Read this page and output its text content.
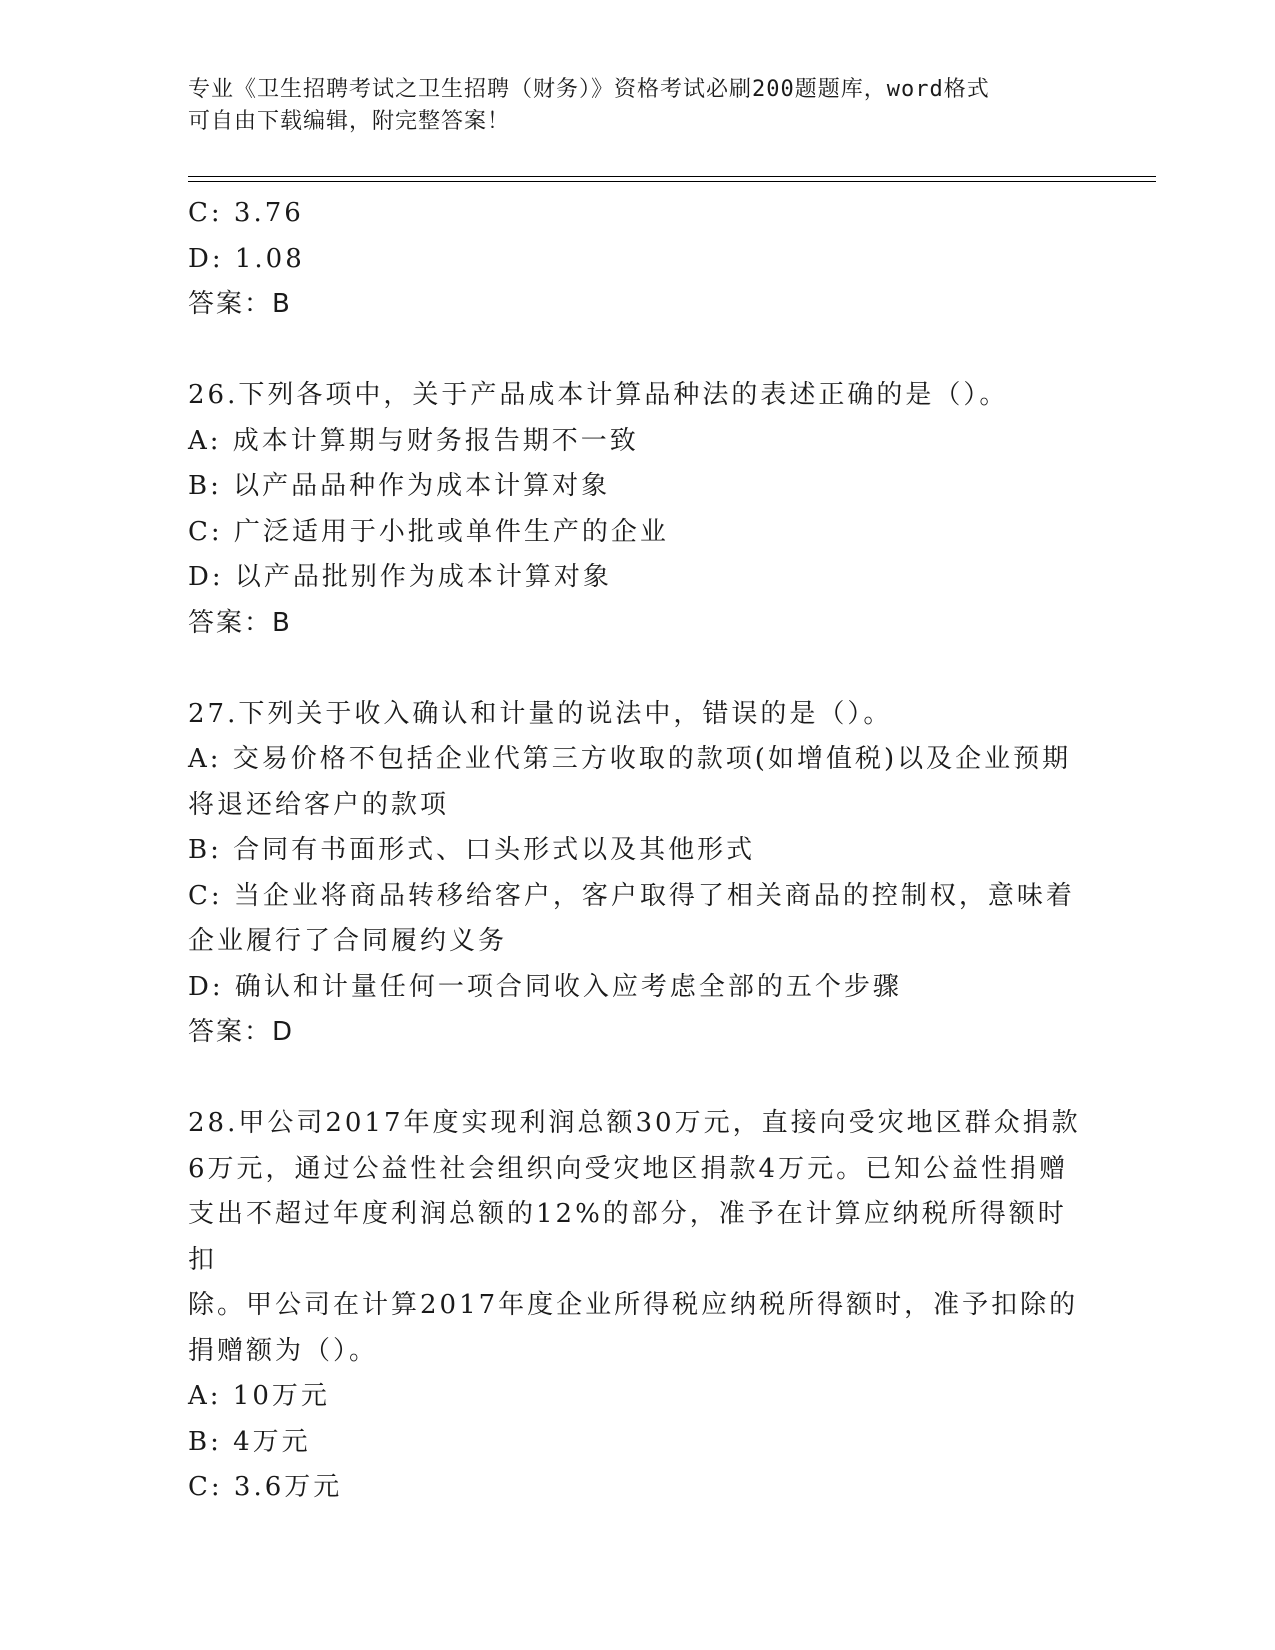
专业《卫生招聘考试之卫生招聘（财务）》资格考试必刷200题题库，word格式
可自由下载编辑，附完整答案！
C: 3.76
D: 1.08
答案：B
26.下列各项中，关于产品成本计算品种法的表述正确的是（）。
A: 成本计算期与财务报告期不一致
B: 以产品品种作为成本计算对象
C: 广泛适用于小批或单件生产的企业
D: 以产品批别作为成本计算对象
答案：B
27.下列关于收入确认和计量的说法中，错误的是（）。
A: 交易价格不包括企业代第三方收取的款项(如增值税)以及企业预期
将退还给客户的款项
B: 合同有书面形式、口头形式以及其他形式
C: 当企业将商品转移给客户，客户取得了相关商品的控制权，意味着
企业履行了合同履约义务
D: 确认和计量任何一项合同收入应考虑全部的五个步骤
答案：D
28.甲公司2017年度实现利润总额30万元，直接向受灾地区群众捐款
6万元，通过公益性社会组织向受灾地区捐款4万元。已知公益性捐赠
支出不超过年度利润总额的12%的部分，准予在计算应纳税所得额时扣
除。甲公司在计算2017年度企业所得税应纳税所得额时，准予扣除的
捐赠额为（）。
A: 10万元
B: 4万元
C: 3.6万元
